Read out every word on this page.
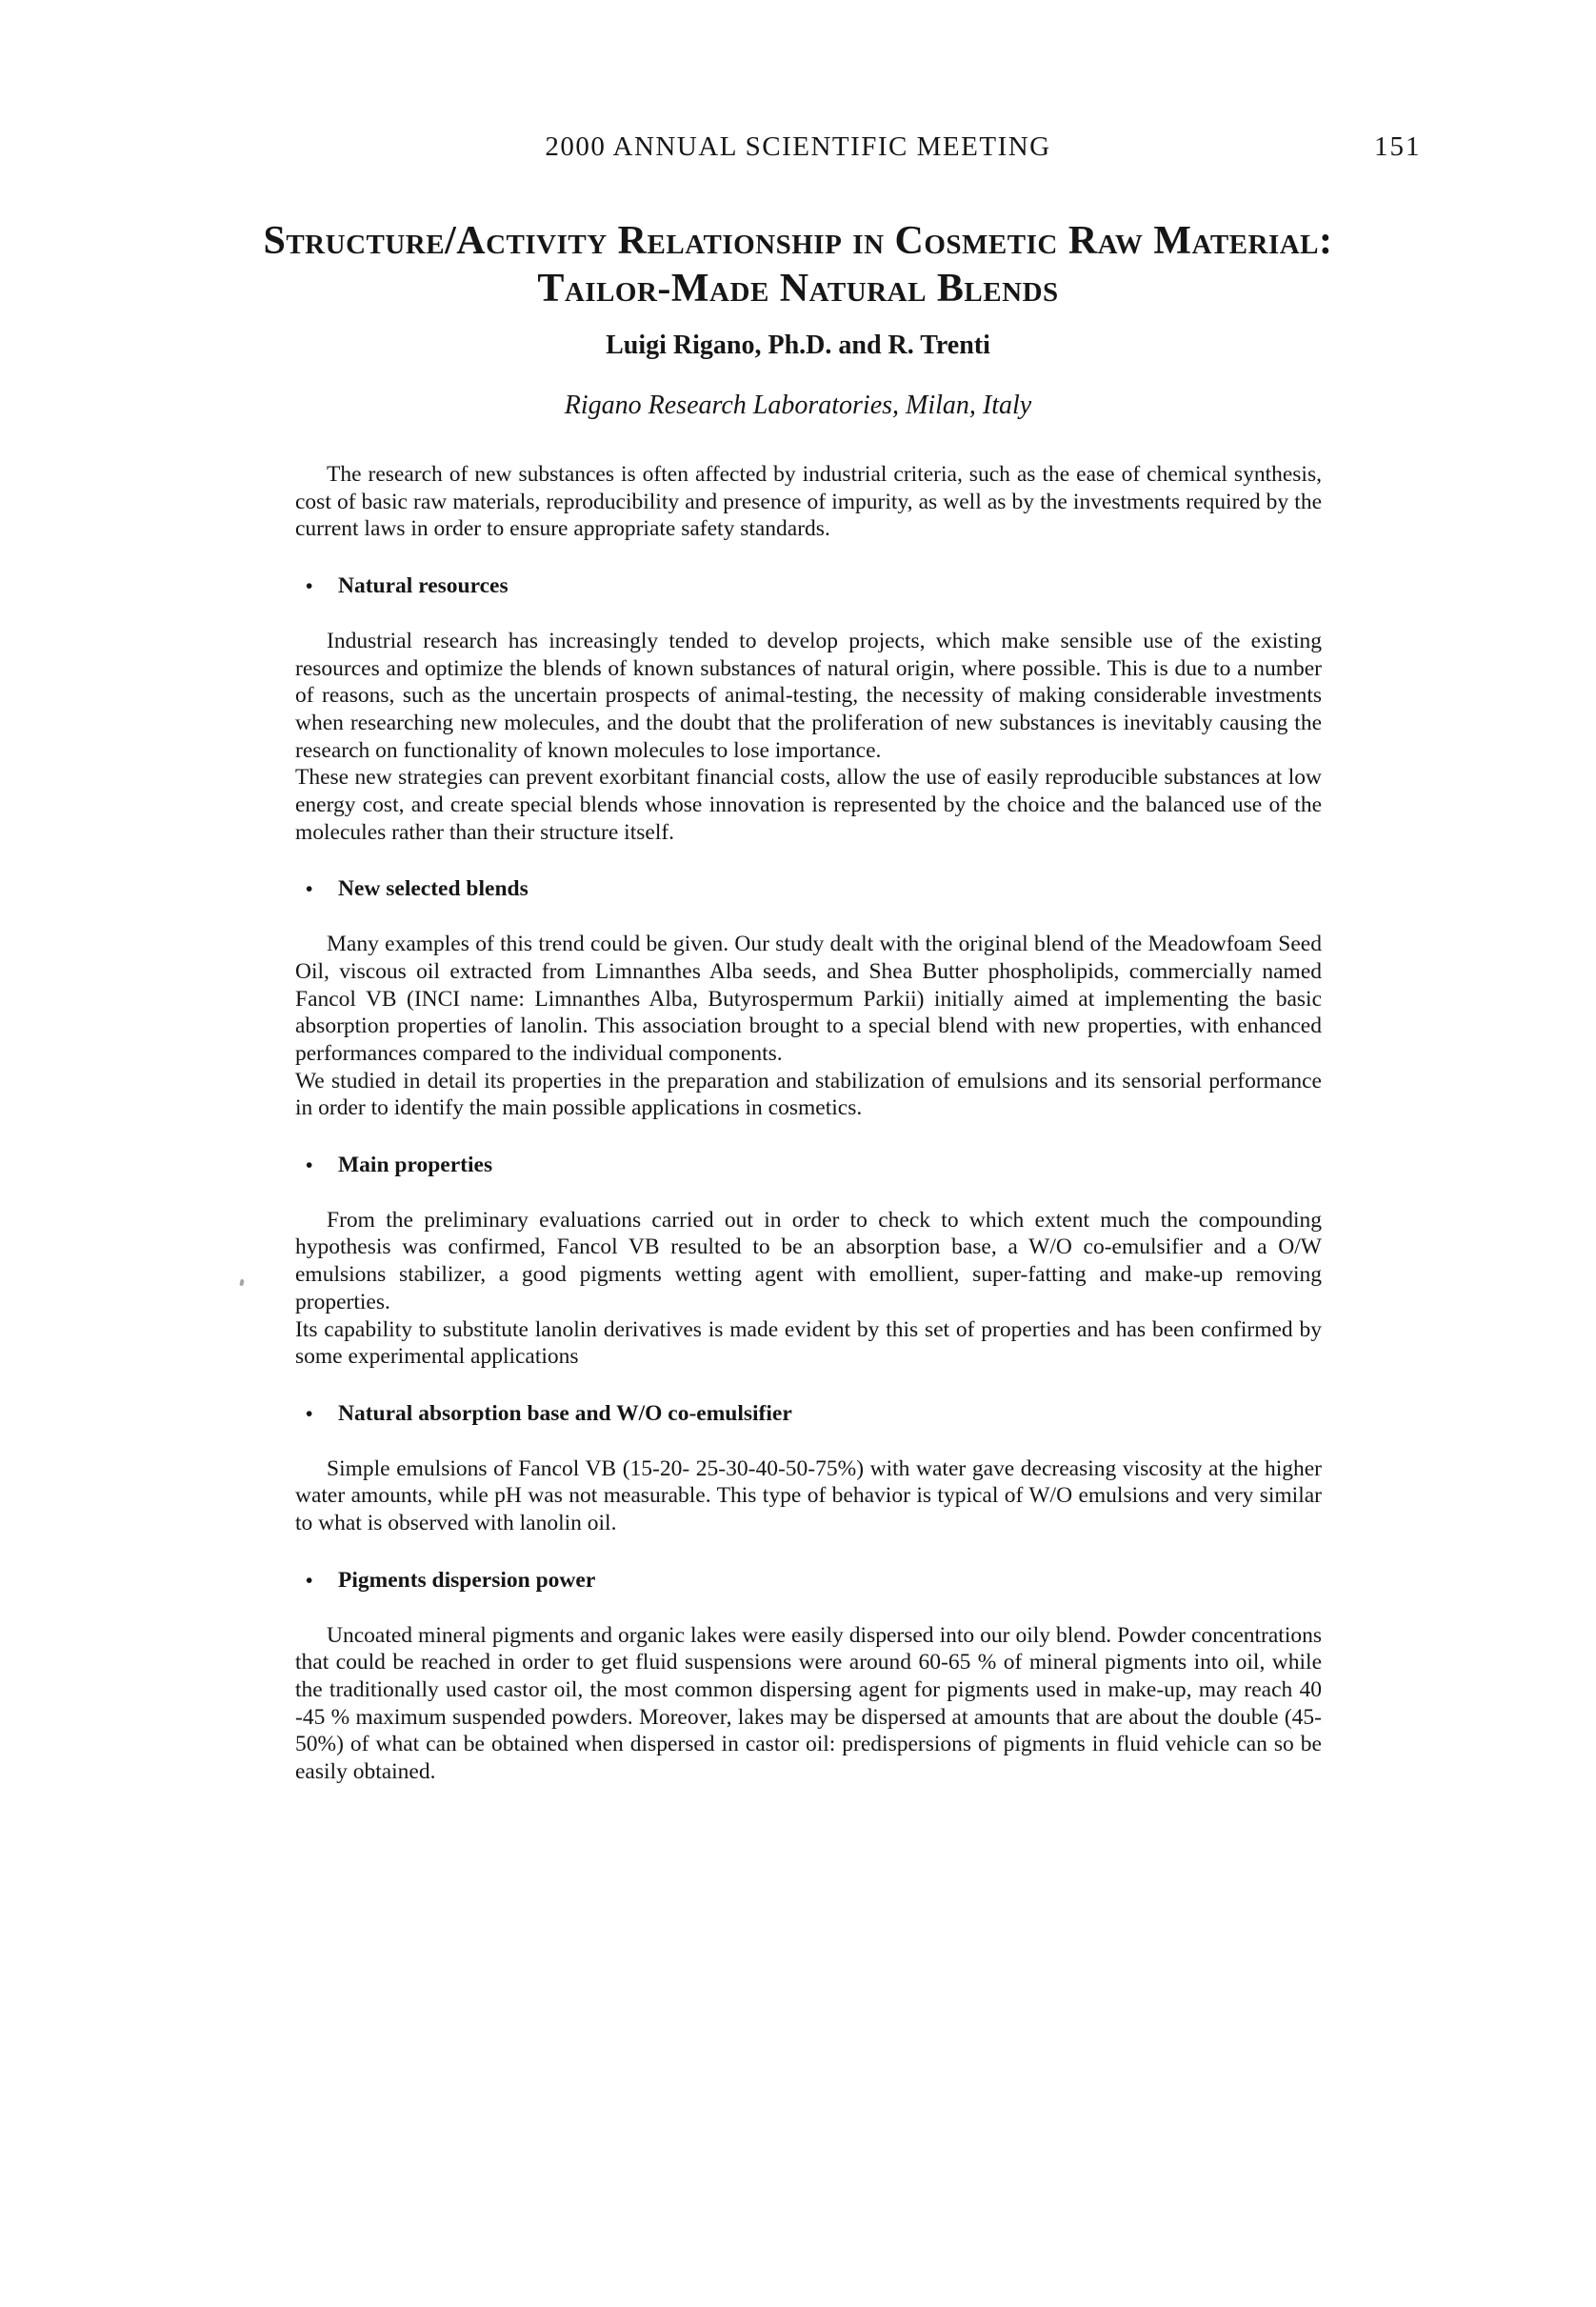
2000 ANNUAL SCIENTIFIC MEETING	151
Structure/Activity Relationship in Cosmetic Raw Material:
Tailor-Made Natural Blends
Luigi Rigano, Ph.D. and R. Trenti
Rigano Research Laboratories, Milan, Italy

The research of new substances is often affected by industrial criteria, such as the ease of chemical synthesis, cost of basic raw materials, reproducibility and presence of impurity, as well as by the investments required by the current laws in order to ensure appropriate safety standards.

• Natural resources

Industrial research has increasingly tended to develop projects, which make sensible use of the existing resources and optimize the blends of known substances of natural origin, where possible. This is due to a number of reasons, such as the uncertain prospects of animal-testing, the necessity of making considerable investments when researching new molecules, and the doubt that the proliferation of new substances is inevitably causing the research on functionality of known molecules to lose importance.

These new strategies can prevent exorbitant financial costs, allow the use of easily reproducible substances at low energy cost, and create special blends whose innovation is represented by the choice and the balanced use of the molecules rather than their structure itself.

• New selected blends

Many examples of this trend could be given. Our study dealt with the original blend of the Meadowfoam Seed Oil, viscous oil extracted from Limnanthes Alba seeds, and Shea Butter phospholipids, commercially named Fancol VB (INCI name: Limnanthes Alba, Butyrospermum Parkii) initially aimed at implementing the basic absorption properties of lanolin. This association brought to a special blend with new properties, with enhanced performances compared to the individual components.

We studied in detail its properties in the preparation and stabilization of emulsions and its sensorial performance in order to identify the main possible applications in cosmetics.

• Main properties

From the preliminary evaluations carried out in order to check to which extent much the compounding hypothesis was confirmed, Fancol VB resulted to be an absorption base, a W/O co-emulsifier and a O/W emulsions stabilizer, a good pigments wetting agent with emollient, super-fatting and make-up removing properties.

Its capability to substitute lanolin derivatives is made evident by this set of properties and has been confirmed by some experimental applications

• Natural absorption base and W/O co-emulsifier

Simple emulsions of Fancol VB (15-20- 25-30-40-50-75%) with water gave decreasing viscosity at the higher water amounts, while pH was not measurable. This type of behavior is typical of W/O emulsions and very similar to what is observed with lanolin oil.

• Pigments dispersion power

Uncoated mineral pigments and organic lakes were easily dispersed into our oily blend. Powder concentrations that could be reached in order to get fluid suspensions were around 60-65 % of mineral pigments into oil, while the traditionally used castor oil, the most common dispersing agent for pigments used in make-up, may reach 40 -45 % maximum suspended powders. Moreover, lakes may be dispersed at amounts that are about the double (45-50%) of what can be obtained when dispersed in castor oil: predispersions of pigments in fluid vehicle can so be easily obtained.
